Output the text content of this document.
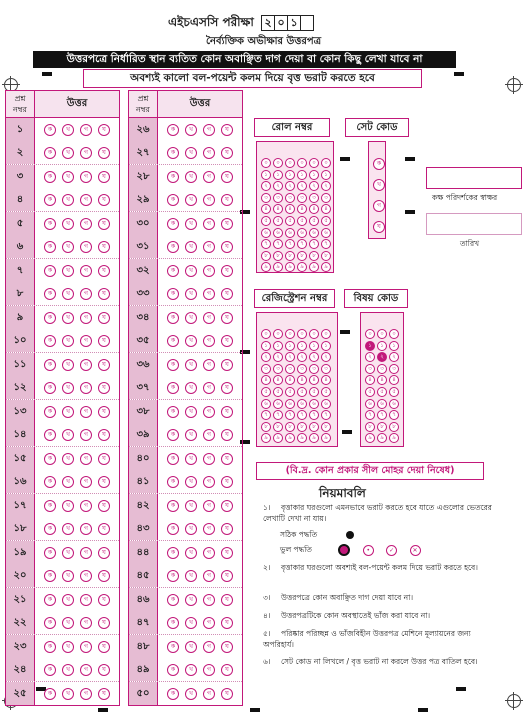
এইচএসসি পরীক্ষা ২ ০ ১
নৈর্ব্যক্তিক অভীক্ষার উত্তরপত্র
উত্তরপত্রে নির্ধারিত স্থান ব্যতিত কোন অবাঞ্ছিত দাগ দেয়া বা কোন কিছু লেখা যাবে না
অবশ্যই কালো বল-পয়েন্ট কলম দিয়ে বৃত্ত ভরাট করতে হবে
প্রশ্ন
নম্বর
উত্তর
১	ক	খ	গ	ঘ
২	ক	খ	গ	ঘ
৩	ক	খ	গ	ঘ
৪	ক	খ	গ	ঘ
৫	ক	খ	গ	ঘ
৬	ক	খ	গ	ঘ
৭	ক	খ	গ	ঘ
৮	ক	খ	গ	ঘ
৯	ক	খ	গ	ঘ
১০	ক	খ	গ	ঘ
১১	ক	খ	গ	ঘ
১২	ক	খ	গ	ঘ
১৩	ক	খ	গ	ঘ
১৪	ক	খ	গ	ঘ
১৫	ক	খ	গ	ঘ
১৬	ক	খ	গ	ঘ
১৭	ক	খ	গ	ঘ
১৮	ক	খ	গ	ঘ
১৯	ক	খ	গ	ঘ
২০	ক	খ	গ	ঘ
২১	ক	খ	গ	ঘ
২২	ক	খ	গ	ঘ
২৩	ক	খ	গ	ঘ
২৪	ক	খ	গ	ঘ
২৫	ক	খ	গ	ঘ
প্রশ্ন
নম্বর
উত্তর
২৬	ক	খ	গ	ঘ
২৭	ক	খ	গ	ঘ
২৮	ক	খ	গ	ঘ
২৯	ক	খ	গ	ঘ
৩০	ক	খ	গ	ঘ
৩১	ক	খ	গ	ঘ
৩২	ক	খ	গ	ঘ
৩৩	ক	খ	গ	ঘ
৩৪	ক	খ	গ	ঘ
৩৫	ক	খ	গ	ঘ
৩৬	ক	খ	গ	ঘ
৩৭	ক	খ	গ	ঘ
৩৮	ক	খ	গ	ঘ
৩৯	ক	খ	গ	ঘ
৪০	ক	খ	গ	ঘ
৪১	ক	খ	গ	ঘ
৪২	ক	খ	গ	ঘ
৪৩	ক	খ	গ	ঘ
৪৪	ক	খ	গ	ঘ
৪৫	ক	খ	গ	ঘ
৪৬	ক	খ	গ	ঘ
৪৭	ক	খ	গ	ঘ
৪৮	ক	খ	গ	ঘ
৪৯	ক	খ	গ	ঘ
৫০	ক	খ	গ	ঘ
রোল নম্বর
০
১
২
৩
৪
৫
৬
৭
৮
৯
০
১
২
৩
৪
৫
৬
৭
৮
৯
০
১
২
৩
৪
৫
৬
৭
৮
৯
০
১
২
৩
৪
৫
৬
৭
৮
৯
০
১
২
৩
৪
৫
৬
৭
৮
৯
০
১
২
৩
৪
৫
৬
৭
৮
৯
সেট কোড
ক
খ
গ
ঘ
কক্ষ পরিদর্শকের স্বাক্ষর
তারিখ
রেজিস্ট্রেশন নম্বর
০
১
২
৩
৪
৫
৬
৭
৮
৯
০
১
২
৩
৪
৫
৬
৭
৮
৯
০
১
২
৩
৪
৫
৬
৭
৮
৯
০
১
২
৩
৪
৫
৬
৭
৮
৯
০
১
২
৩
৪
৫
৬
৭
৮
৯
০
১
২
৩
৪
৫
৬
৭
৮
৯
বিষয় কোড
০
১
২
৩
৪
৫
৬
৭
৮
৯
০
১
২
৩
৪
৫
৬
৭
৮
৯
০
১
২
৩
৪
৫
৬
৭
৮
৯
(বি.দ্র. কোন প্রকার সীল মোহর দেয়া নিষেধ)
নিয়মাবলি
১। বৃত্তাকার ঘরগুলো এমনভাবে ভরাট করতে হবে যাতে এগুলোর ভেতরের লেখাটি দেখা না যায়।
সঠিক পদ্ধতি
ভুল পদ্ধতি	•	✓	✕
২। বৃত্তাকার ঘরগুলো অবশ্যই বল-পয়েন্ট কলম দিয়ে ভরাট করতে হবে।
৩। উত্তরপত্রে কোন অবাঞ্ছিত দাগ দেয়া যাবে না।
৪। উত্তরপত্রটিকে কোন অবস্থাতেই ভাঁজ করা যাবে না।
৫। পরিষ্কার পরিচ্ছন্ন ও ভাঁজবিহীন উত্তরপত্র মেশিনে মূল্যায়নের জন্য অপরিহার্য।
৬। সেট কোড না লিখলে / বৃত্ত ভরাট না করলে উত্তর পত্র বাতিল হবে।
